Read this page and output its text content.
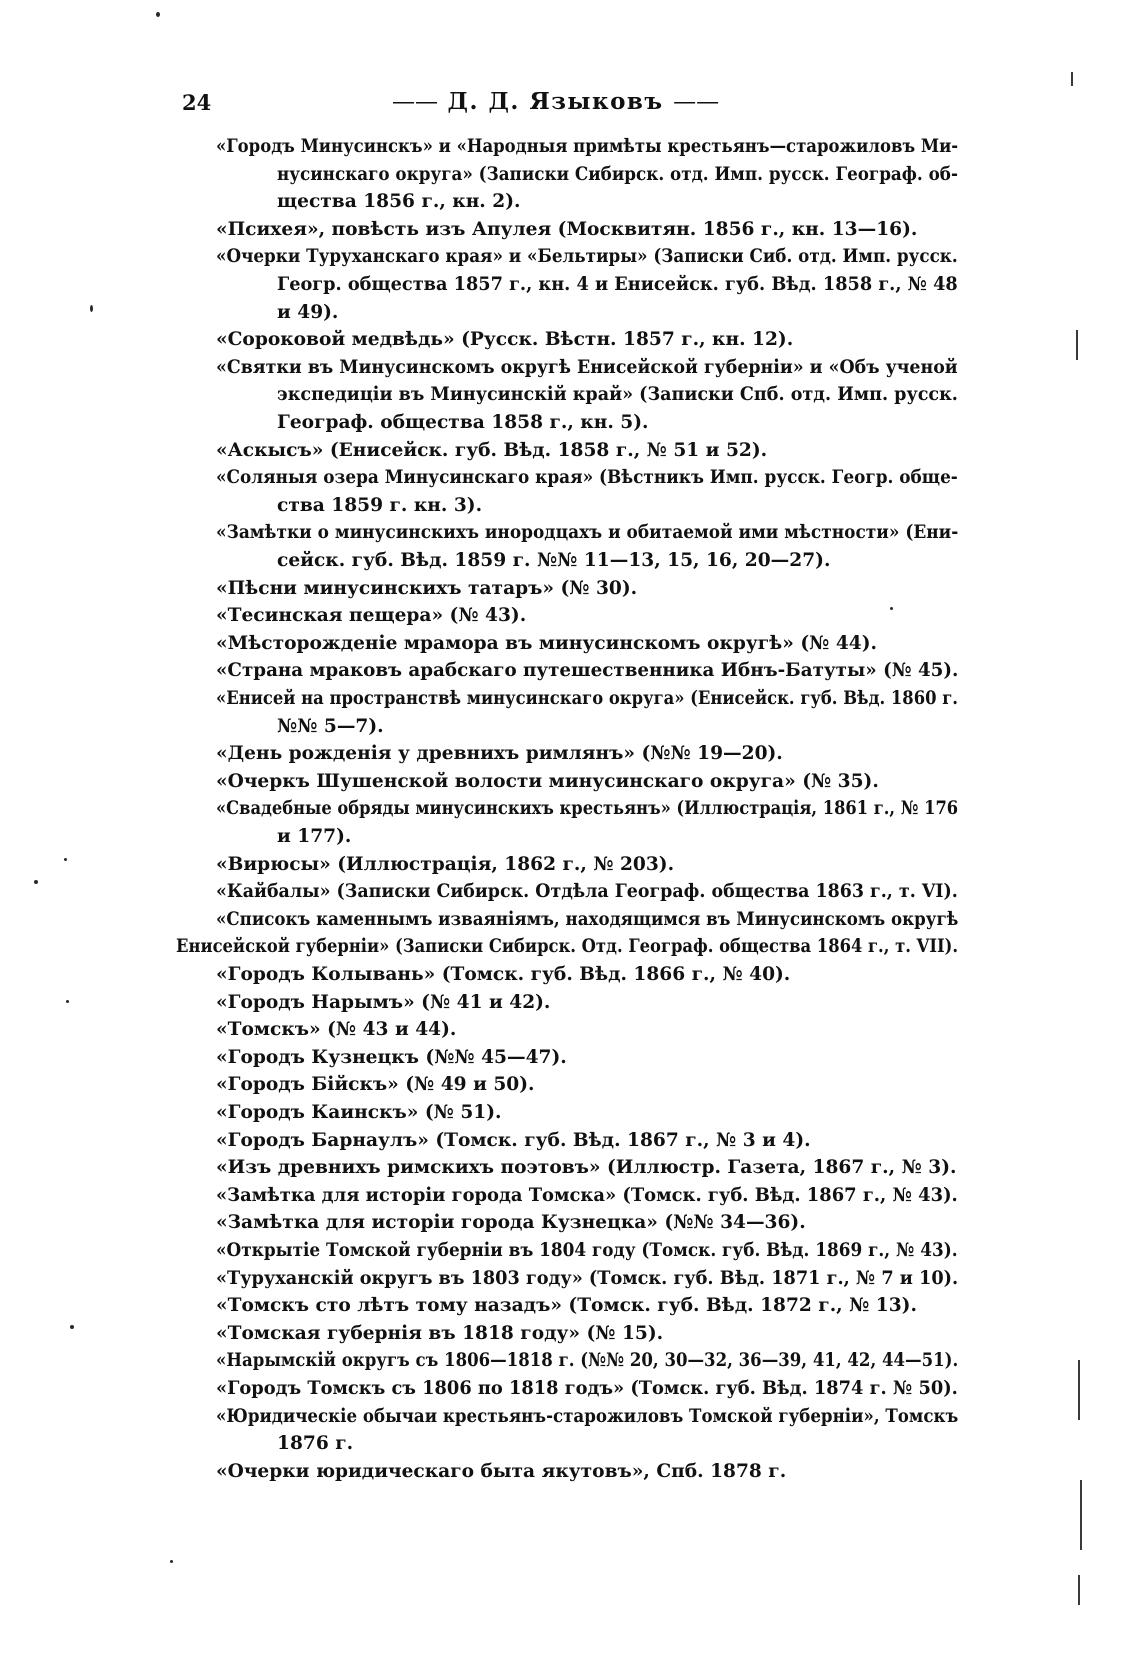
24	—— Д. Д. Языковъ ——
«Городъ Минусинскъ» и «Народныя примѣты крестьянъ—старожиловъ Ми-
нусинскаго округа» (Записки Сибирск. отд. Имп. русск. Географ. об-
щества 1856 г., кн. 2).
«Психея», повѣсть изъ Апулея (Москвитян. 1856 г., кн. 13—16).
«Очерки Туруханскаго края» и «Бельтиры» (Записки Сиб. отд. Имп. русск.
Геогр. общества 1857 г., кн. 4 и Енисейск. губ. Вѣд. 1858 г., № 48
и 49).
«Сороковой медвѣдь» (Русск. Вѣстн. 1857 г., кн. 12).
«Святки въ Минусинскомъ округѣ Енисейской губерніи» и «Объ ученой
экспедиціи въ Минусинскій край» (Записки Спб. отд. Имп. русск.
Географ. общества 1858 г., кн. 5).
«Аскысъ» (Енисейск. губ. Вѣд. 1858 г., № 51 и 52).
«Соляныя озера Минусинскаго края» (Вѣстникъ Имп. русск. Геогр. обще-
ства 1859 г. кн. 3).
«Замѣтки о минусинскихъ инородцахъ и обитаемой ими мѣстности» (Ени-
сейск. губ. Вѣд. 1859 г. №№ 11—13, 15, 16, 20—27).
«Пѣсни минусинскихъ татаръ» (№ 30).
«Тесинская пещера» (№ 43).
«Мѣсторожденіе мрамора въ минусинскомъ округѣ» (№ 44).
«Страна мраковъ арабскаго путешественника Ибнъ-Батуты» (№ 45).
«Енисей на пространствѣ минусинскаго округа» (Енисейск. губ. Вѣд. 1860 г.
№№ 5—7).
«День рожденія у древнихъ римлянъ» (№№ 19—20).
«Очеркъ Шушенской волости минусинскаго округа» (№ 35).
«Свадебные обряды минусинскихъ крестьянъ» (Иллюстрація, 1861 г., № 176
и 177).
«Вирюсы» (Иллюстрація, 1862 г., № 203).
«Кайбалы» (Записки Сибирск. Отдѣла Географ. общества 1863 г., т. VI).
«Списокъ каменнымъ изваяніямъ, находящимся въ Минусинскомъ округѣ
Енисейской губерніи» (Записки Сибирск. Отд. Географ. общества 1864 г., т. VII).
«Городъ Колывань» (Томск. губ. Вѣд. 1866 г., № 40).
«Городъ Нарымъ» (№ 41 и 42).
«Томскъ» (№ 43 и 44).
«Городъ Кузнецкъ (№№ 45—47).
«Городъ Бійскъ» (№ 49 и 50).
«Городъ Каинскъ» (№ 51).
«Городъ Барнаулъ» (Томск. губ. Вѣд. 1867 г., № 3 и 4).
«Изъ древнихъ римскихъ поэтовъ» (Иллюстр. Газета, 1867 г., № 3).
«Замѣтка для исторіи города Томска» (Томск. губ. Вѣд. 1867 г., № 43).
«Замѣтка для исторіи города Кузнецка» (№№ 34—36).
«Открытіе Томской губерніи въ 1804 году (Томск. губ. Вѣд. 1869 г., № 43).
«Туруханскій округъ въ 1803 году» (Томск. губ. Вѣд. 1871 г., № 7 и 10).
«Томскъ сто лѣтъ тому назадъ» (Томск. губ. Вѣд. 1872 г., № 13).
«Томская губернія въ 1818 году» (№ 15).
«Нарымскій округъ съ 1806—1818 г. (№№ 20, 30—32, 36—39, 41, 42, 44—51).
«Городъ Томскъ съ 1806 по 1818 годъ» (Томск. губ. Вѣд. 1874 г. № 50).
«Юридическіе обычаи крестьянъ-старожиловъ Томской губерніи», Томскъ
1876 г.
«Очерки юридическаго быта якутовъ», Спб. 1878 г.
